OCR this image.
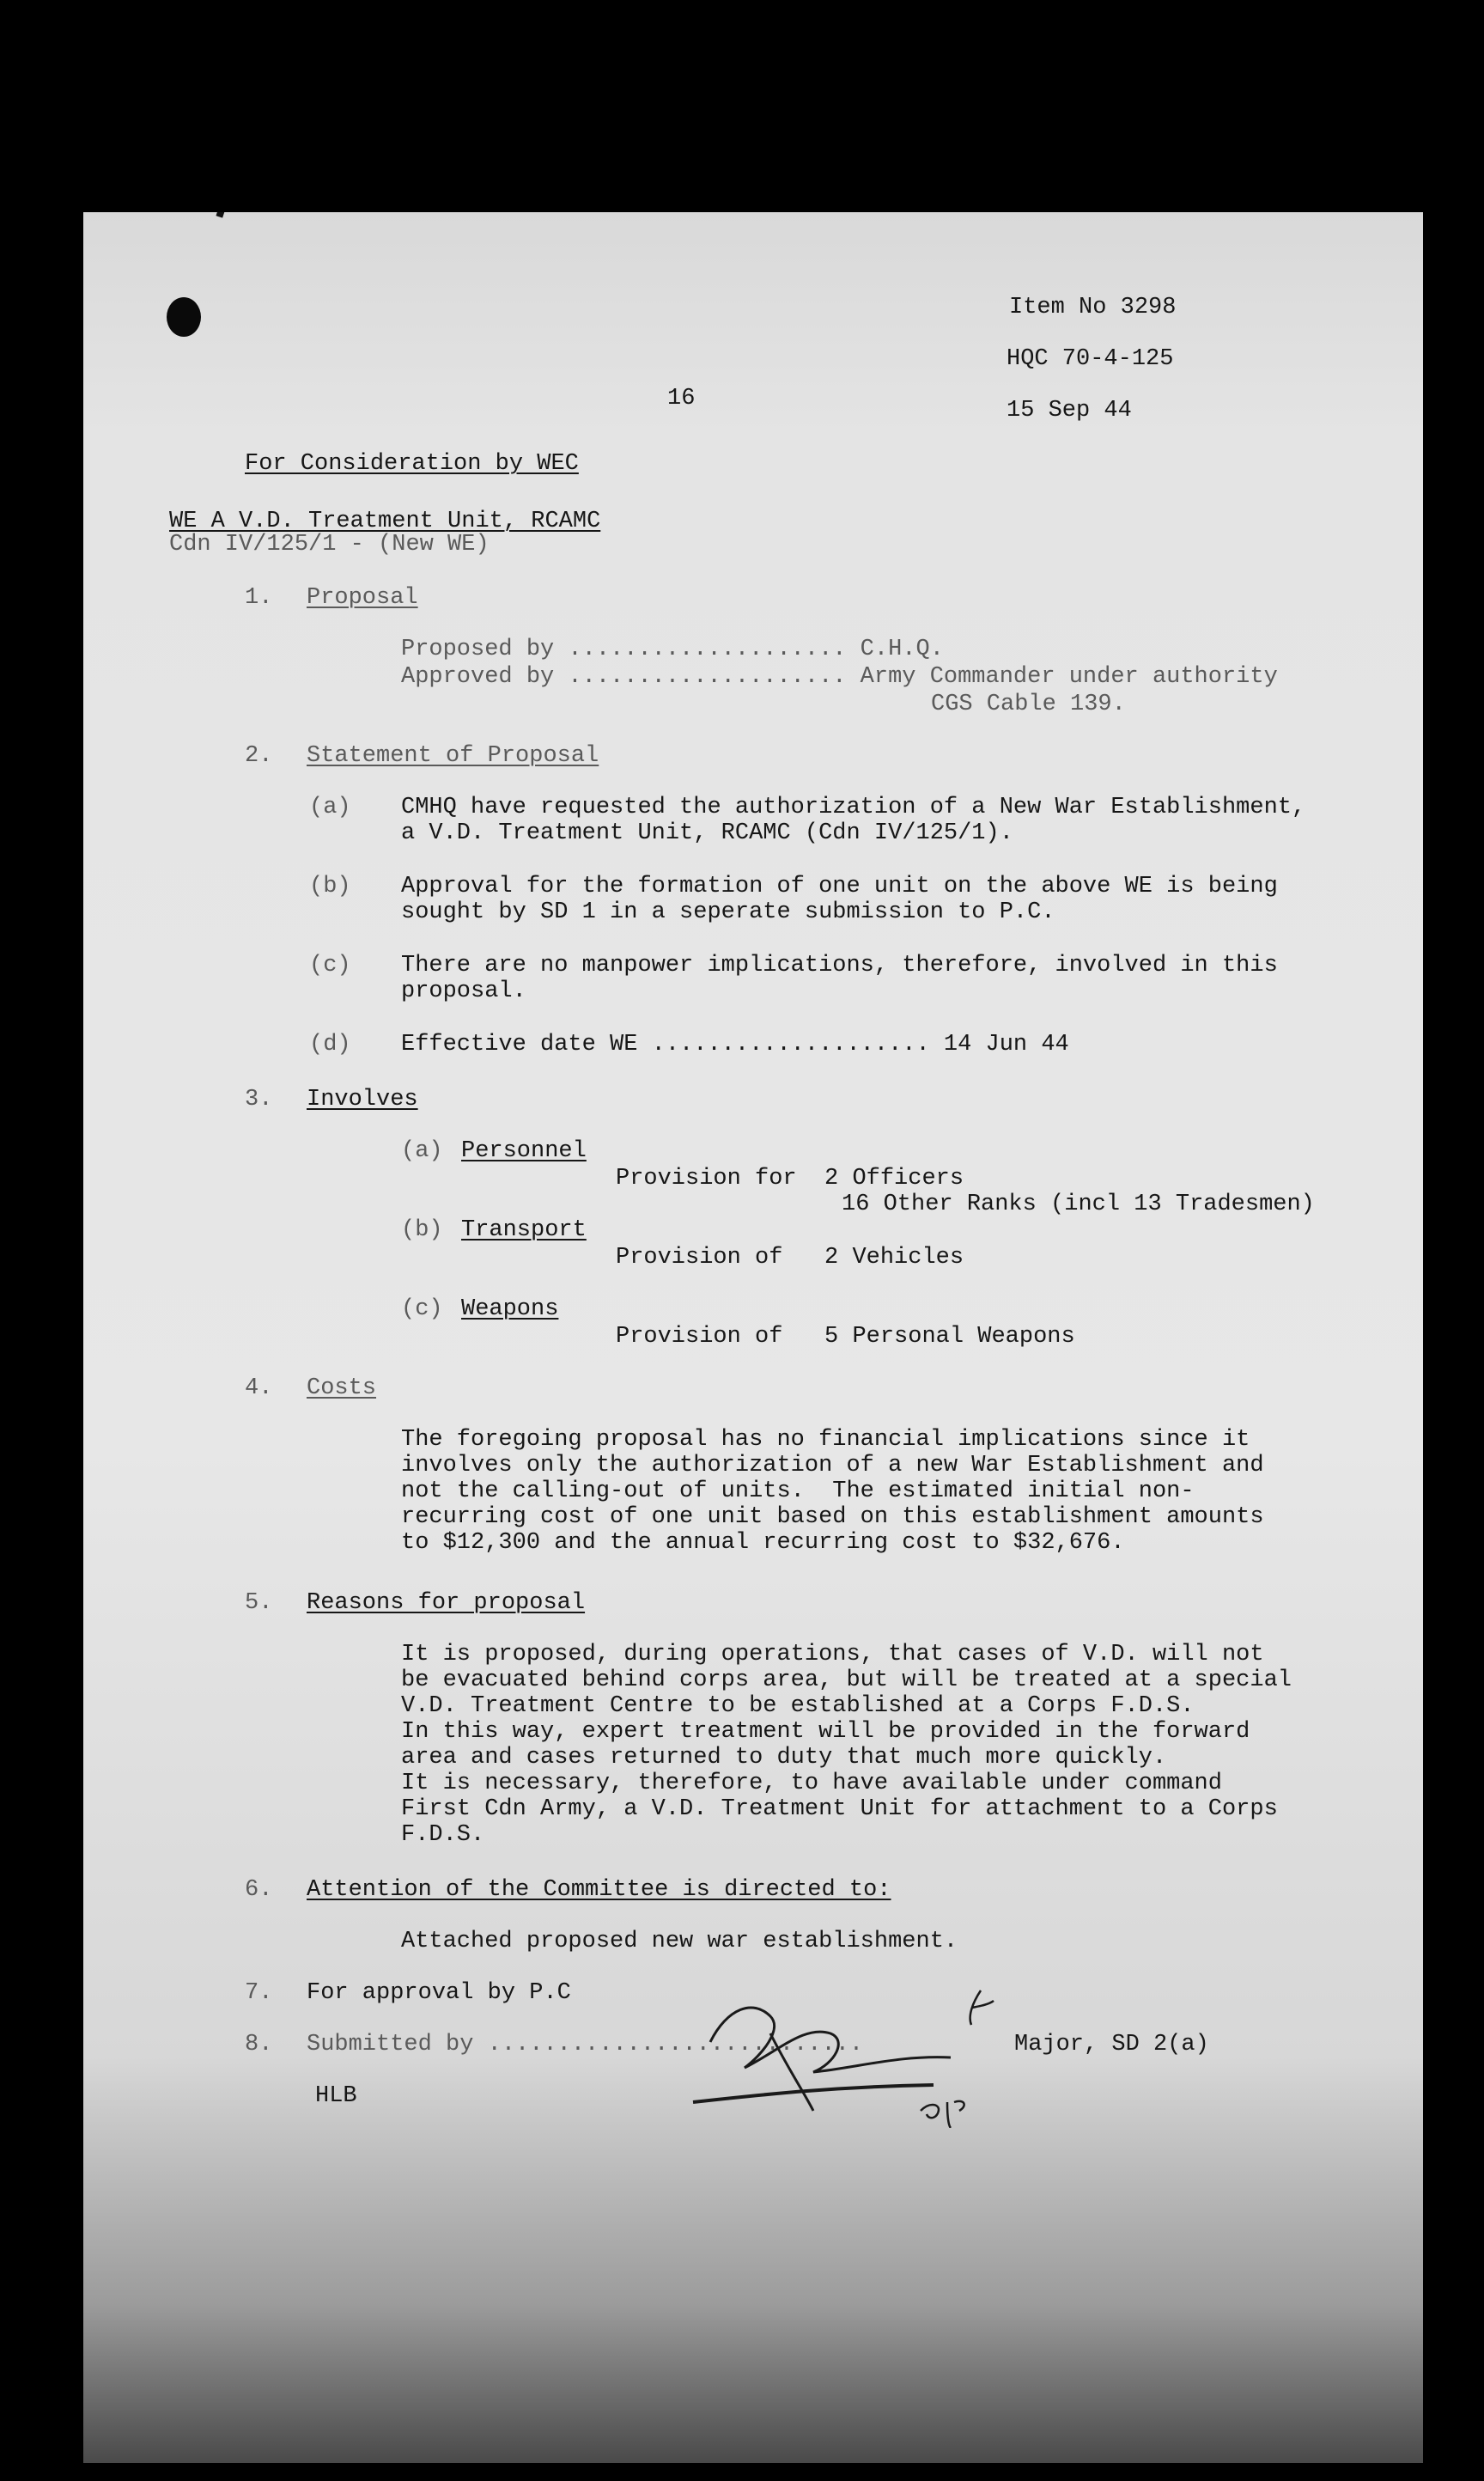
Item No 3298
HQC 70-4-125
15 Sep 44
16
For Consideration by WEC
WE A V.D. Treatment Unit, RCAMC
Cdn IV/125/1 - (New WE)
1. Proposal
Proposed by .................... C.H.Q.
Approved by .................... Army Commander under authority
CGS Cable 139.
2. Statement of Proposal
(a) CMHQ have requested the authorization of a New War Establishment,
a V.D. Treatment Unit, RCAMC (Cdn IV/125/1).
(b) Approval for the formation of one unit on the above WE is being
sought by SD 1 in a seperate submission to P.C.
(c) There are no manpower implications, therefore, involved in this
proposal.
(d) Effective date WE .................... 14 Jun 44
3. Involves
(a) Personnel
Provision for  2 Officers
16 Other Ranks (incl 13 Tradesmen)
(b) Transport
Provision of   2 Vehicles
(c) Weapons
Provision of   5 Personal Weapons
4. Costs
The foregoing proposal has no financial implications since it
involves only the authorization of a new War Establishment and
not the calling-out of units.  The estimated initial non-
recurring cost of one unit based on this establishment amounts
to $12,300 and the annual recurring cost to $32,676.
5. Reasons for proposal
It is proposed, during operations, that cases of V.D. will not
be evacuated behind corps area, but will be treated at a special
V.D. Treatment Centre to be established at a Corps F.D.S.
In this way, expert treatment will be provided in the forward
area and cases returned to duty that much more quickly.
It is necessary, therefore, to have available under command
First Cdn Army, a V.D. Treatment Unit for attachment to a Corps
F.D.S.
6. Attention of the Committee is directed to:
Attached proposed new war establishment.
7. For approval by P.C
8. Submitted by ...........................	Major, SD 2(a)
HLB
